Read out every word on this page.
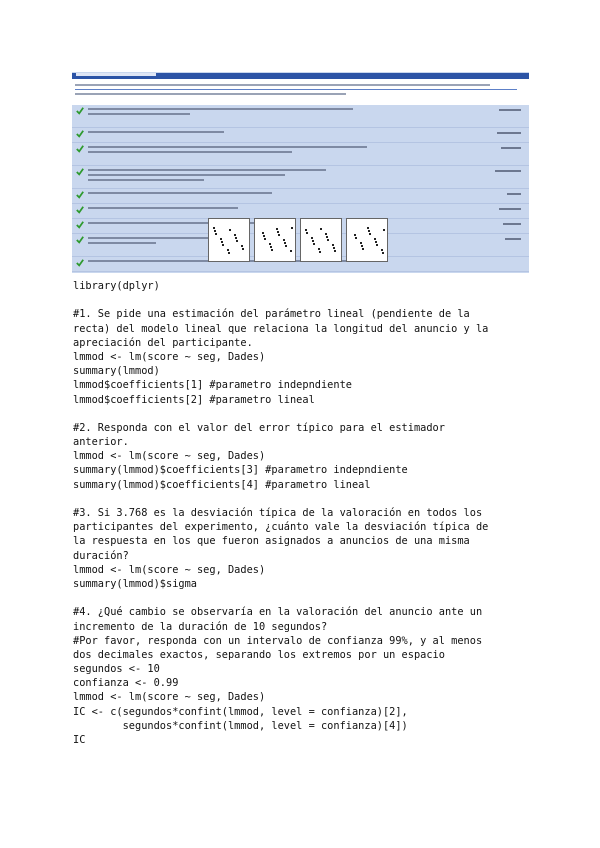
library(dplyr)
#1. Se pide una estimación del parámetro lineal (pendiente de la
recta) del modelo lineal que relaciona la longitud del anuncio y la
apreciación del participante.
lmmod <- lm(score ~ seg, Dades)
summary(lmmod)
lmmod$coefficients[1] #parametro indepndiente
lmmod$coefficients[2] #parametro lineal
#2. Responda con el valor del error típico para el estimador
anterior.
lmmod <- lm(score ~ seg, Dades)
summary(lmmod)$coefficients[3] #parametro indepndiente
summary(lmmod)$coefficients[4] #parametro lineal
#3. Si 3.768 es la desviación típica de la valoración en todos los
participantes del experimento, ¿cuánto vale la desviación típica de
la respuesta en los que fueron asignados a anuncios de una misma
duración?
lmmod <- lm(score ~ seg, Dades)
summary(lmmod)$sigma
#4. ¿Qué cambio se observaría en la valoración del anuncio ante un
incremento de la duración de 10 segundos?
#Por favor, responda con un intervalo de confianza 99%, y al menos
dos decimales exactos, separando los extremos por un espacio
segundos <- 10
confianza <- 0.99
lmmod <- lm(score ~ seg, Dades)
IC <- c(segundos*confint(lmmod, level = confianza)[2],
segundos*confint(lmmod, level = confianza)[4])
IC
